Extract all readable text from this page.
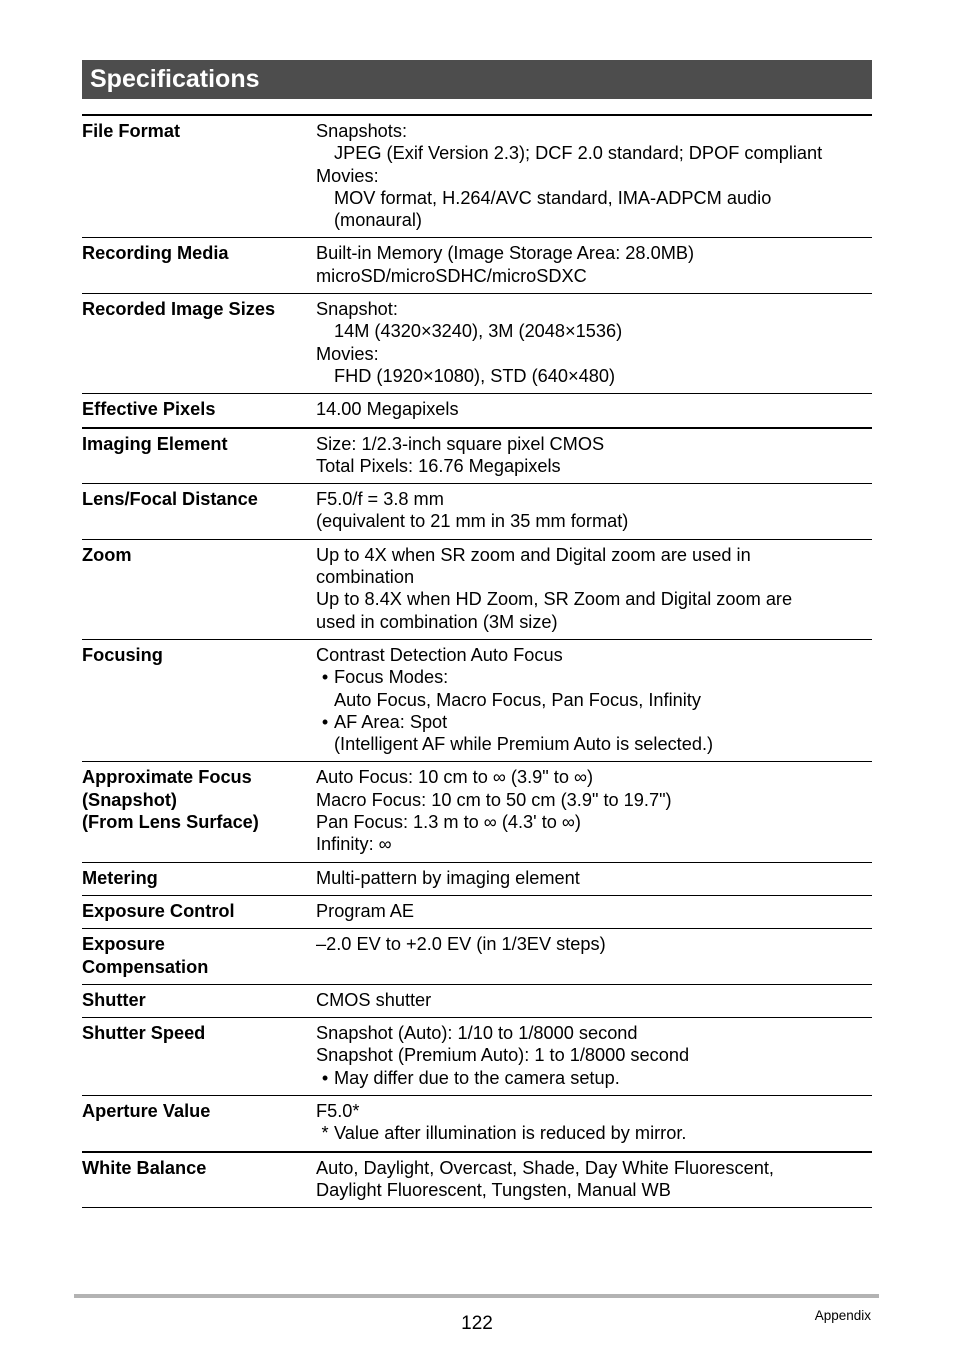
Specifications
File Format	Snapshots:
JPEG (Exif Version 2.3); DCF 2.0 standard; DPOF compliant
Movies:
MOV format, H.264/AVC standard, IMA-ADPCM audio
(monaural)

Recording Media	Built-in Memory (Image Storage Area: 28.0MB)
microSD/microSDHC/microSDXC

Recorded Image Sizes	Snapshot:
14M (4320×3240), 3M (2048×1536)
Movies:
FHD (1920×1080), STD (640×480)

Effective Pixels	14.00 Megapixels

Imaging Element	Size: 1/2.3-inch square pixel CMOS
Total Pixels: 16.76 Megapixels

Lens/Focal Distance	F5.0/f = 3.8 mm
(equivalent to 21 mm in 35 mm format)

Zoom	Up to 4X when SR zoom and Digital zoom are used in
combination
Up to 8.4X when HD Zoom, SR Zoom and Digital zoom are
used in combination (3M size)

Focusing	Contrast Detection Auto Focus
• Focus Modes:
Auto Focus, Macro Focus, Pan Focus, Infinity
• AF Area: Spot
(Intelligent AF while Premium Auto is selected.)

Approximate Focus
(Snapshot)
(From Lens Surface)	Auto Focus: 10 cm to ∞ (3.9" to ∞)
Macro Focus: 10 cm to 50 cm (3.9" to 19.7")
Pan Focus: 1.3 m to ∞ (4.3' to ∞)
Infinity: ∞

Metering	Multi-pattern by imaging element

Exposure Control	Program AE

Exposure
Compensation	–2.0 EV to +2.0 EV (in 1/3EV steps)

Shutter	CMOS shutter

Shutter Speed	Snapshot (Auto): 1/10 to 1/8000 second
Snapshot (Premium Auto): 1 to 1/8000 second
• May differ due to the camera setup.

Aperture Value	F5.0*
* Value after illumination is reduced by mirror.

White Balance	Auto, Daylight, Overcast, Shade, Day White Fluorescent,
Daylight Fluorescent, Tungsten, Manual WB
122	Appendix
